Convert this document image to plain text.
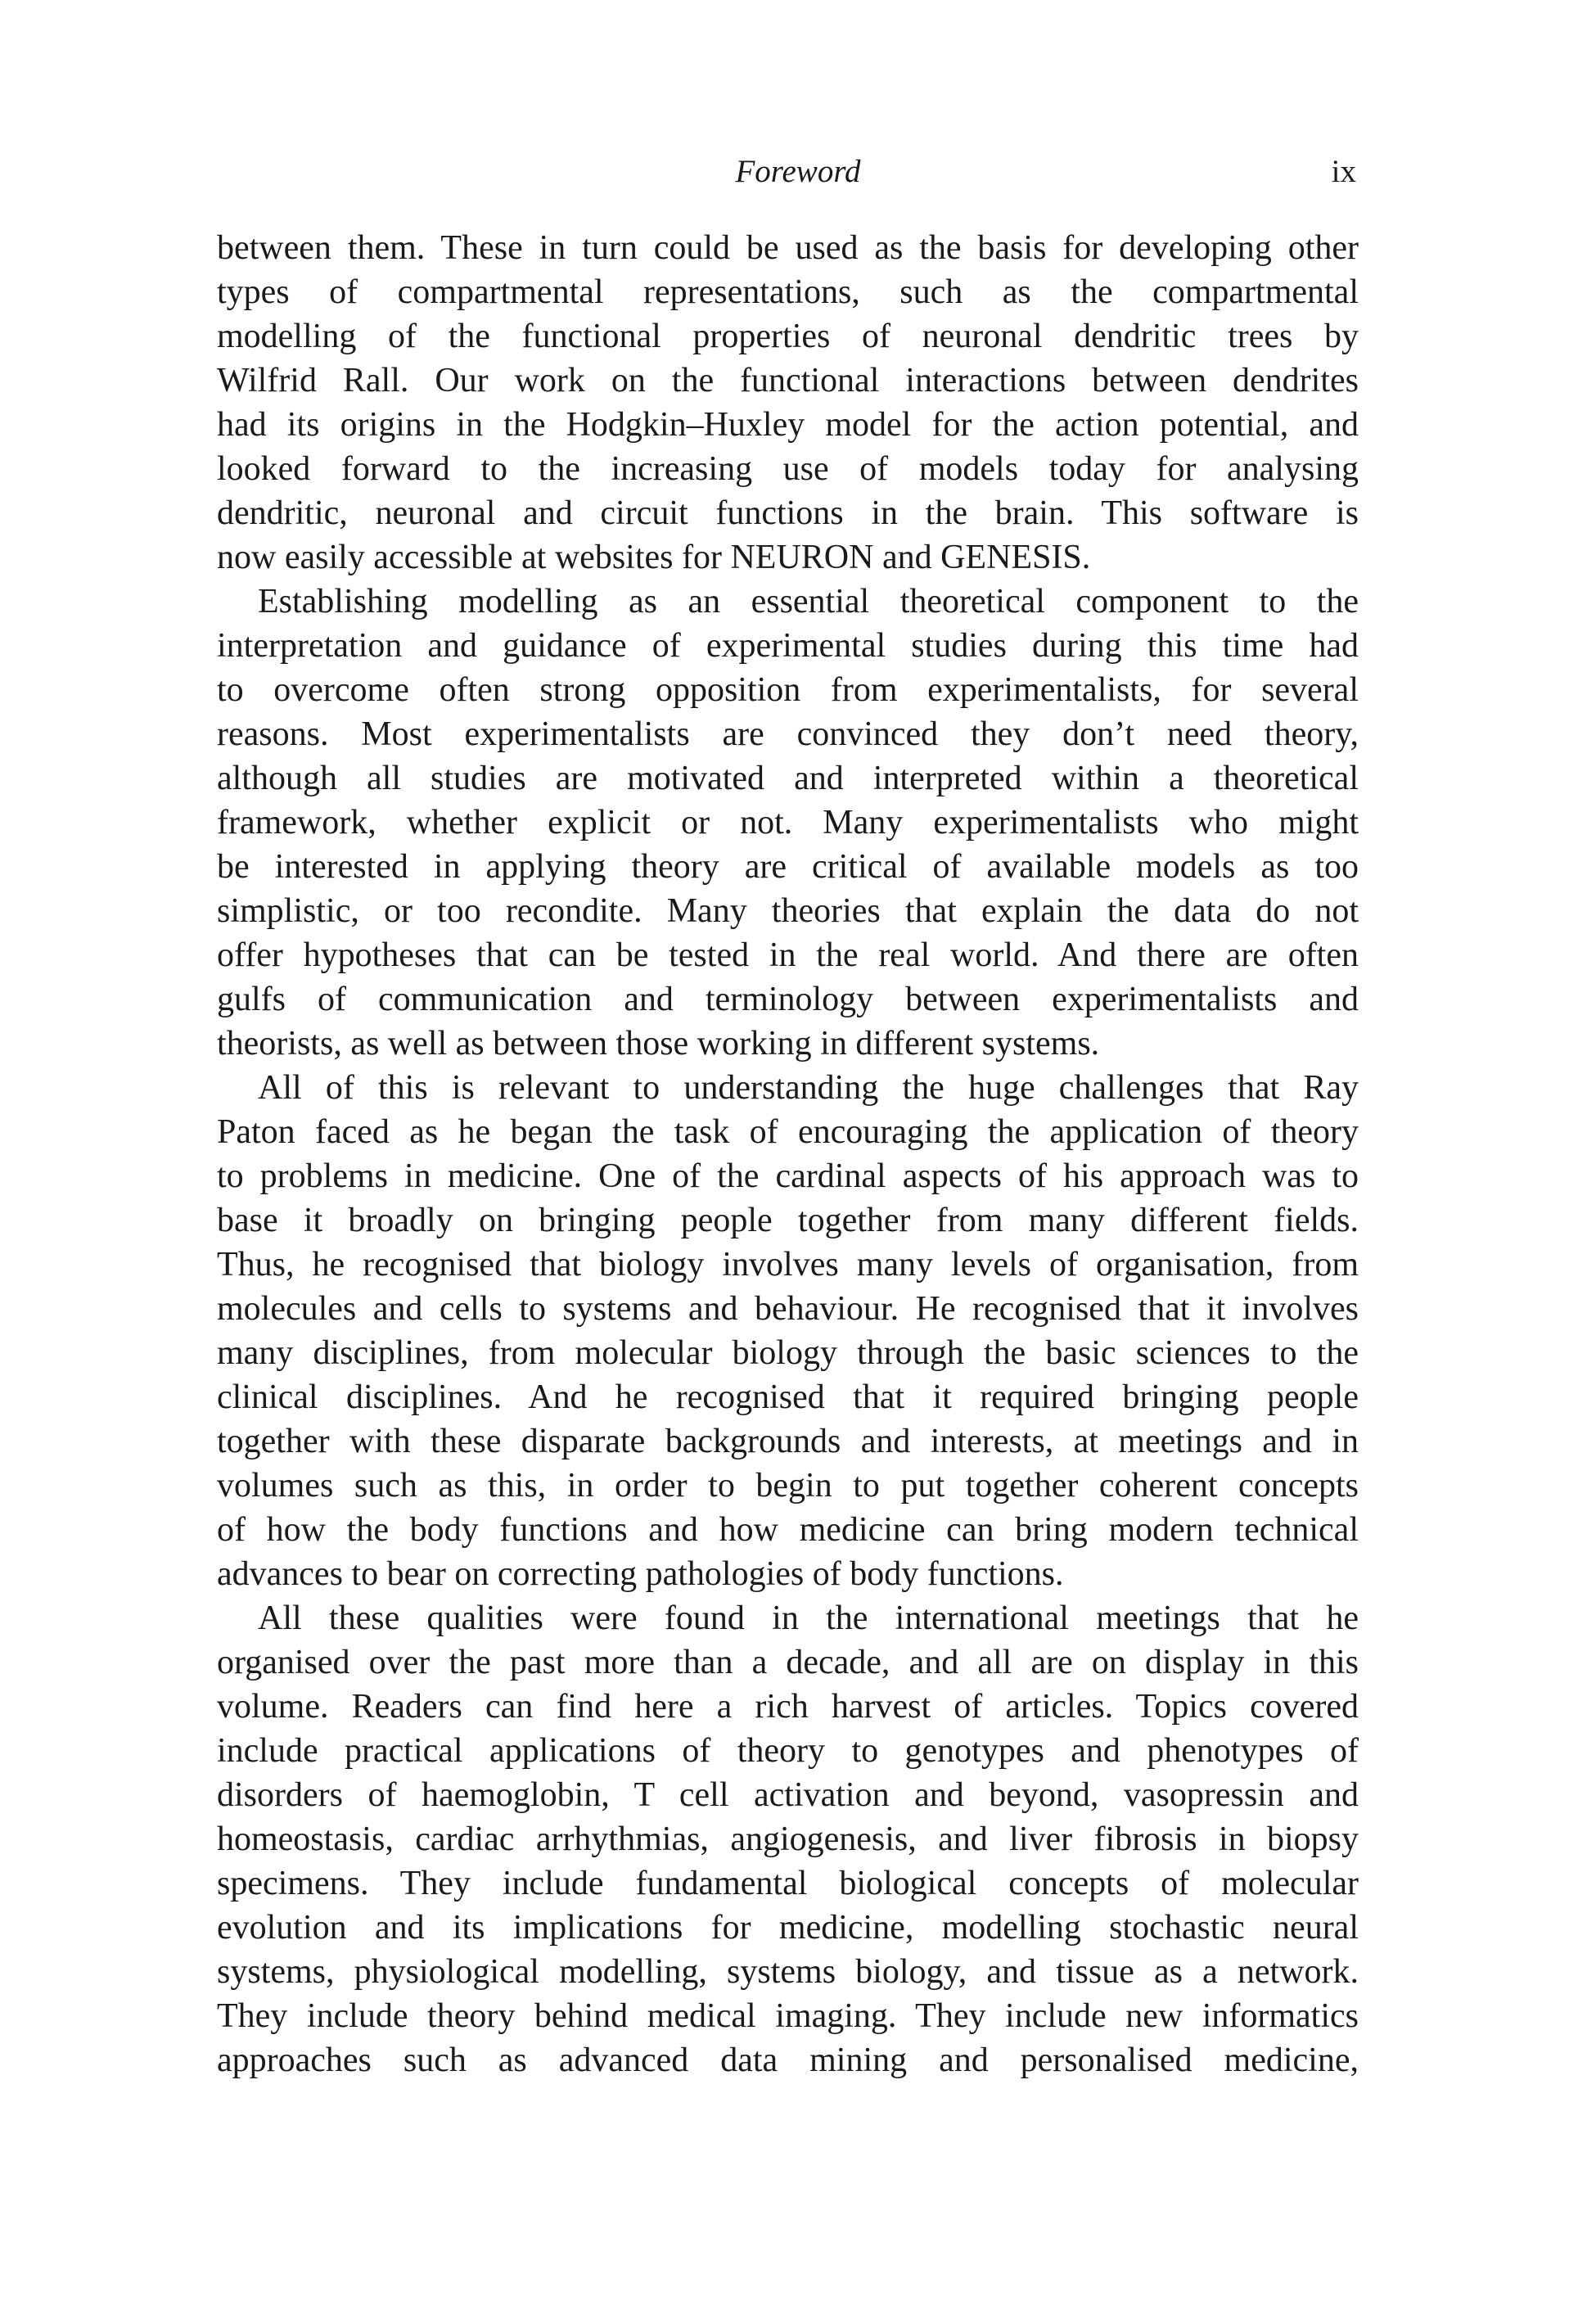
Foreword	ix
between them. These in turn could be used as the basis for developing other
types of compartmental representations, such as the compartmental
modelling of the functional properties of neuronal dendritic trees by
Wilfrid Rall. Our work on the functional interactions between dendrites
had its origins in the Hodgkin–Huxley model for the action potential, and
looked forward to the increasing use of models today for analysing
dendritic, neuronal and circuit functions in the brain. This software is
now easily accessible at websites for NEURON and GENESIS.
Establishing modelling as an essential theoretical component to the
interpretation and guidance of experimental studies during this time had
to overcome often strong opposition from experimentalists, for several
reasons. Most experimentalists are convinced they don’t need theory,
although all studies are motivated and interpreted within a theoretical
framework, whether explicit or not. Many experimentalists who might
be interested in applying theory are critical of available models as too
simplistic, or too recondite. Many theories that explain the data do not
offer hypotheses that can be tested in the real world. And there are often
gulfs of communication and terminology between experimentalists and
theorists, as well as between those working in different systems.
All of this is relevant to understanding the huge challenges that Ray
Paton faced as he began the task of encouraging the application of theory
to problems in medicine. One of the cardinal aspects of his approach was to
base it broadly on bringing people together from many different fields.
Thus, he recognised that biology involves many levels of organisation, from
molecules and cells to systems and behaviour. He recognised that it involves
many disciplines, from molecular biology through the basic sciences to the
clinical disciplines. And he recognised that it required bringing people
together with these disparate backgrounds and interests, at meetings and in
volumes such as this, in order to begin to put together coherent concepts
of how the body functions and how medicine can bring modern technical
advances to bear on correcting pathologies of body functions.
All these qualities were found in the international meetings that he
organised over the past more than a decade, and all are on display in this
volume. Readers can find here a rich harvest of articles. Topics covered
include practical applications of theory to genotypes and phenotypes of
disorders of haemoglobin, T cell activation and beyond, vasopressin and
homeostasis, cardiac arrhythmias, angiogenesis, and liver fibrosis in biopsy
specimens. They include fundamental biological concepts of molecular
evolution and its implications for medicine, modelling stochastic neural
systems, physiological modelling, systems biology, and tissue as a network.
They include theory behind medical imaging. They include new informatics
approaches such as advanced data mining and personalised medicine,
